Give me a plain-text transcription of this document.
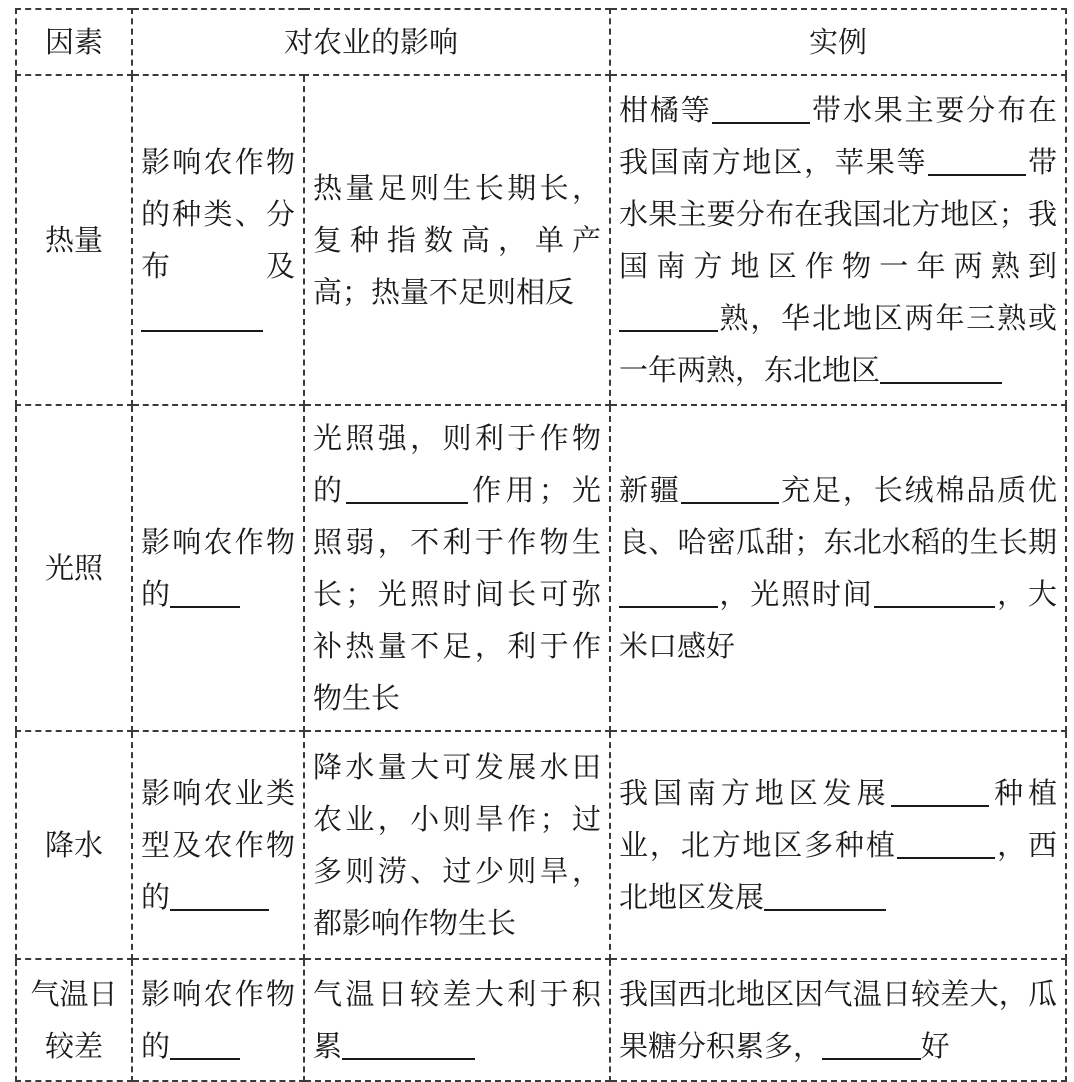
因素	对农业的影响		实例
热量	影响农作物的种类、分布及	热量足则生长期长，复种指数高，单产高；热量不足则相反	柑橘等 带水果主要分布在我国南方地区，苹果等 带水果主要分布在我国北方地区；我国南方地区作物一年两熟到熟，华北地区两年三熟或一年两熟，东北地区
光照	影响农作物的	光照强，则利于作物的 作用；光照弱，不利于作物生长；光照时间长可弥补热量不足，利于作物生长	新疆 充足，长绒棉品质优良、哈密瓜甜；东北水稻的生长期，光照时间 ，大米口感好
降水	影响农业类型及农作物的	降水量大可发展水田农业，小则旱作；过多则涝、过少则旱，都影响作物生长	我国南方地区发展 种植业，北方地区多种植 ，西北地区发展
气温日较差	影响农作物的	气温日较差大利于积累	我国西北地区因气温日较差大，瓜果糖分积累多， 好
